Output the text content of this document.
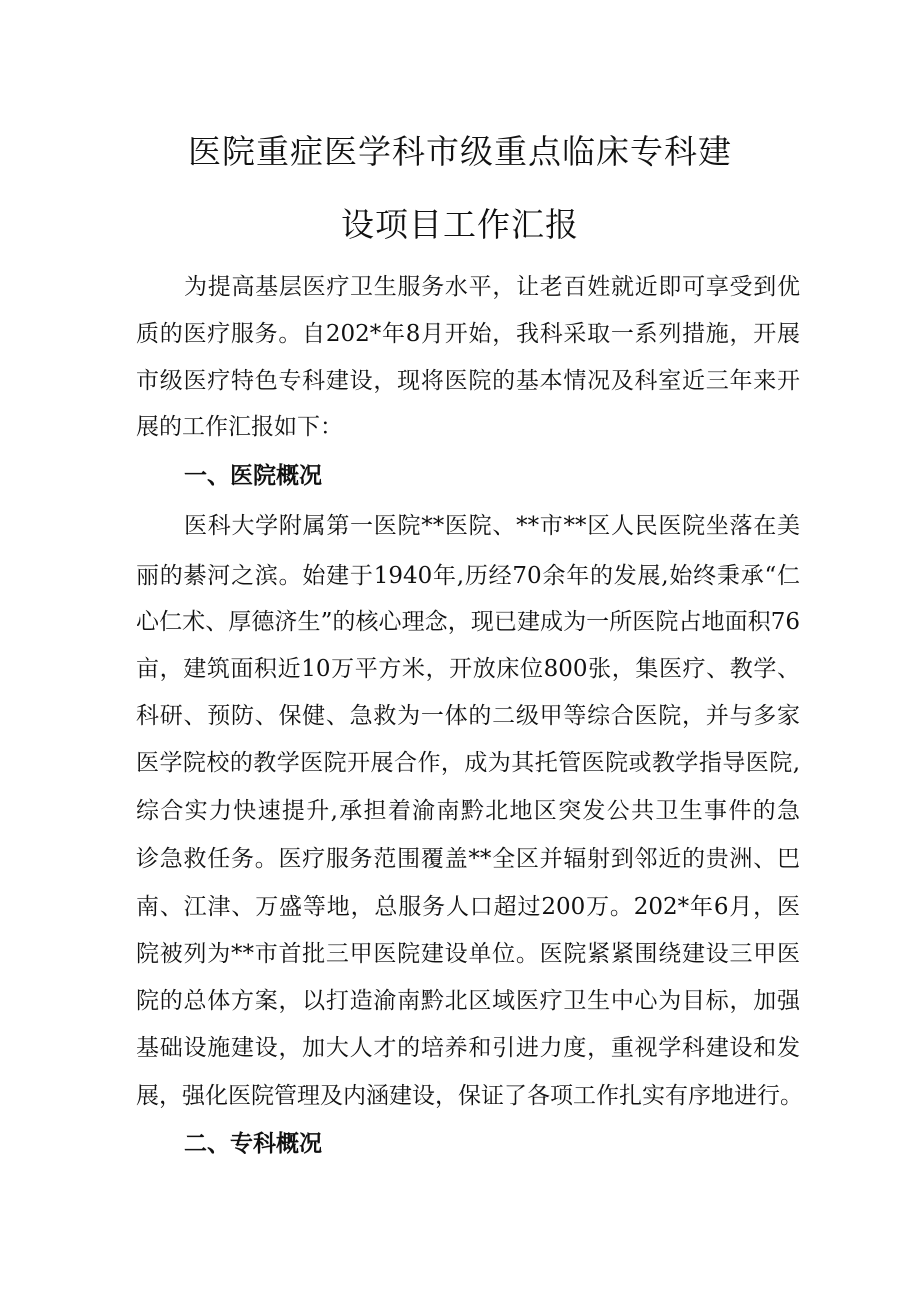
医院重症医学科市级重点临床专科建
设项目工作汇报

为提高基层医疗卫生服务水平，让老百姓就近即可享受到优

质的医疗服务。自202*年8月开始，我科采取一系列措施，开展

市级医疗特色专科建设，现将医院的基本情况及科室近三年来开

展的工作汇报如下：

一、医院概况

医科大学附属第一医院**医院、**市**区人民医院坐落在美

丽的綦河之滨。始建于1940年,历经70余年的发展,始终秉承“仁

心仁术、厚德济生”的核心理念，现已建成为一所医院占地面积76

亩，建筑面积近10万平方米，开放床位800张，集医疗、教学、

科研、预防、保健、急救为一体的二级甲等综合医院，并与多家

医学院校的教学医院开展合作，成为其托管医院或教学指导医院,

综合实力快速提升,承担着渝南黔北地区突发公共卫生事件的急

诊急救任务。医疗服务范围覆盖**全区并辐射到邻近的贵洲、巴

南、江津、万盛等地，总服务人口超过200万。202*年6月，医

院被列为**市首批三甲医院建设单位。医院紧紧围绕建设三甲医

院的总体方案，以打造渝南黔北区域医疗卫生中心为目标，加强

基础设施建设，加大人才的培养和引进力度，重视学科建设和发

展，强化医院管理及内涵建设，保证了各项工作扎实有序地进行。

二、专科概况
